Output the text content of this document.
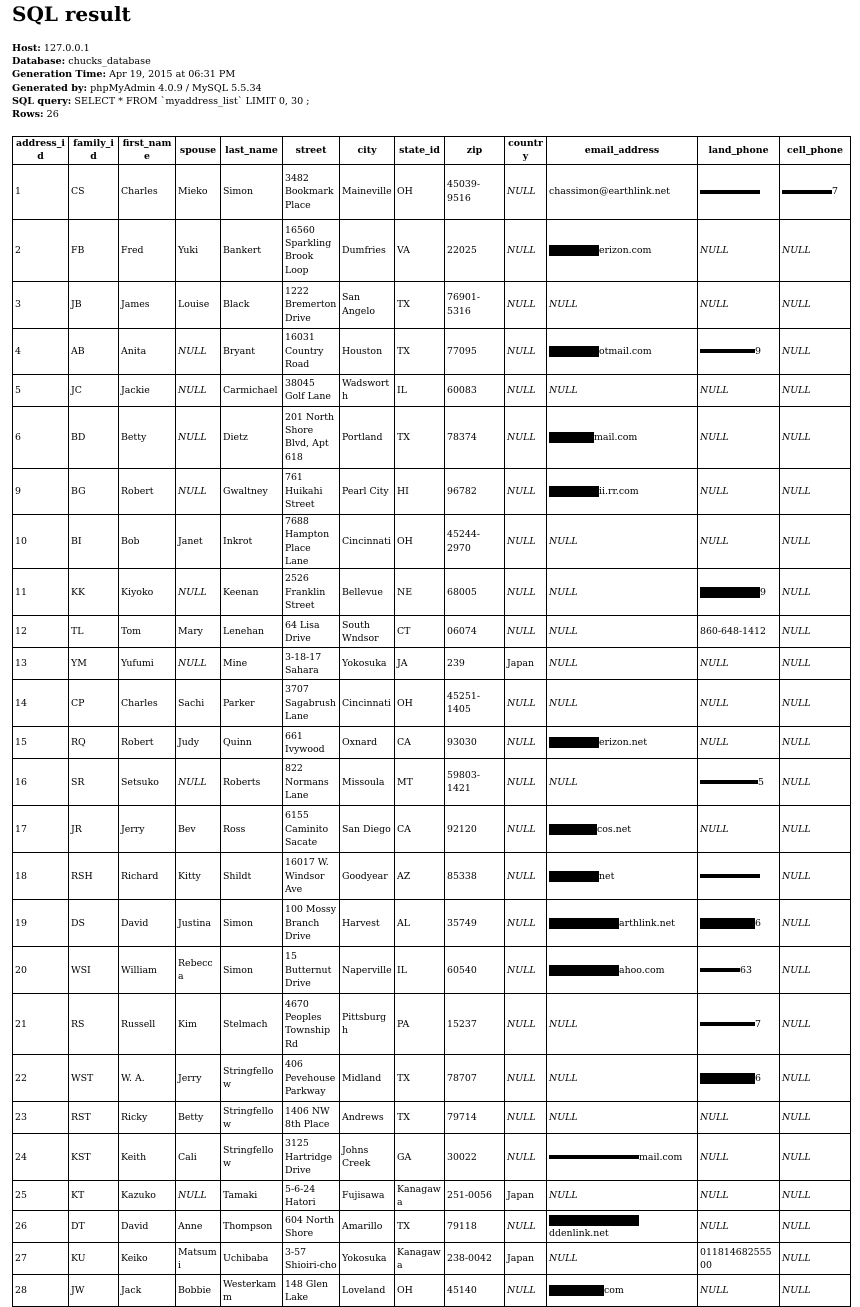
SQL result
Host: 127.0.0.1
Database: chucks_database
Generation Time: Apr 19, 2015 at 06:31 PM
Generated by: phpMyAdmin 4.0.9 / MySQL 5.5.34
SQL query: SELECT * FROM `myaddress_list` LIMIT 0, 30 ;
Rows: 26
address_id	family_id	first_name	spouse	last_name	street	city	state_id	zip	country	email_address	land_phone	cell_phone
1	CS	Charles	Mieko	Simon	3482 Bookmark Place	Maineville	OH	45039-9516	NULL	chassimon@earthlink.net		7
2	FB	Fred	Yuki	Bankert	16560 Sparkling Brook Loop	Dumfries	VA	22025	NULL	erizon.com	NULL	NULL
3	JB	James	Louise	Black	1222 Bremerton Drive	San Angelo	TX	76901-5316	NULL	NULL	NULL	NULL
4	AB	Anita	NULL	Bryant	16031 Country Road	Houston	TX	77095	NULL	otmail.com	9	NULL
5	JC	Jackie	NULL	Carmichael	38045 Golf Lane	Wadsworth	IL	60083	NULL	NULL	NULL	NULL
6	BD	Betty	NULL	Dietz	201 North Shore Blvd, Apt 618	Portland	TX	78374	NULL	mail.com	NULL	NULL
9	BG	Robert	NULL	Gwaltney	761 Huikahi Street	Pearl City	HI	96782	NULL	ii.rr.com	NULL	NULL
10	BI	Bob	Janet	Inkrot	7688 Hampton Place Lane	Cincinnati	OH	45244-2970	NULL	NULL	NULL	NULL
11	KK	Kiyoko	NULL	Keenan	2526 Franklin Street	Bellevue	NE	68005	NULL	NULL	9	NULL
12	TL	Tom	Mary	Lenehan	64 Lisa Drive	South Wndsor	CT	06074	NULL	NULL	860-648-1412	NULL
13	YM	Yufumi	NULL	Mine	3-18-17 Sahara	Yokosuka	JA	239	Japan	NULL	NULL	NULL
14	CP	Charles	Sachi	Parker	3707 Sagabrush Lane	Cincinnati	OH	45251-1405	NULL	NULL	NULL	NULL
15	RQ	Robert	Judy	Quinn	661 Ivywood	Oxnard	CA	93030	NULL	erizon.net	NULL	NULL
16	SR	Setsuko	NULL	Roberts	822 Normans Lane	Missoula	MT	59803-1421	NULL	NULL	5	NULL
17	JR	Jerry	Bev	Ross	6155 Caminito Sacate	San Diego	CA	92120	NULL	cos.net	NULL	NULL
18	RSH	Richard	Kitty	Shildt	16017 W. Windsor Ave	Goodyear	AZ	85338	NULL	net		NULL
19	DS	David	Justina	Simon	100 Mossy Branch Drive	Harvest	AL	35749	NULL	arthlink.net	6	NULL
20	WSI	William	Rebecca	Simon	15 Butternut Drive	Naperville	IL	60540	NULL	ahoo.com	63	NULL
21	RS	Russell	Kim	Stelmach	4670 Peoples Township Rd	Pittsburgh	PA	15237	NULL	NULL	7	NULL
22	WST	W. A.	Jerry	Stringfellow	406 Pevehouse Parkway	Midland	TX	78707	NULL	NULL	6	NULL
23	RST	Ricky	Betty	Stringfellow	1406 NW 8th Place	Andrews	TX	79714	NULL	NULL	NULL	NULL
24	KST	Keith	Cali	Stringfellow	3125 Hartridge Drive	Johns Creek	GA	30022	NULL	mail.com	NULL	NULL
25	KT	Kazuko	NULL	Tamaki	5-6-24 Hatori	Fujisawa	Kanagawa	251-0056	Japan	NULL	NULL	NULL
26	DT	David	Anne	Thompson	604 North Shore	Amarillo	TX	79118	NULL	ddenlink.net	NULL	NULL
27	KU	Keiko	Matsumi	Uchibaba	3-57 Shioiri-cho	Yokosuka	Kanagawa	238-0042	Japan	NULL	01181468255500	NULL
28	JW	Jack	Bobbie	Westerkamm	148 Glen Lake	Loveland	OH	45140	NULL	com	NULL	NULL
